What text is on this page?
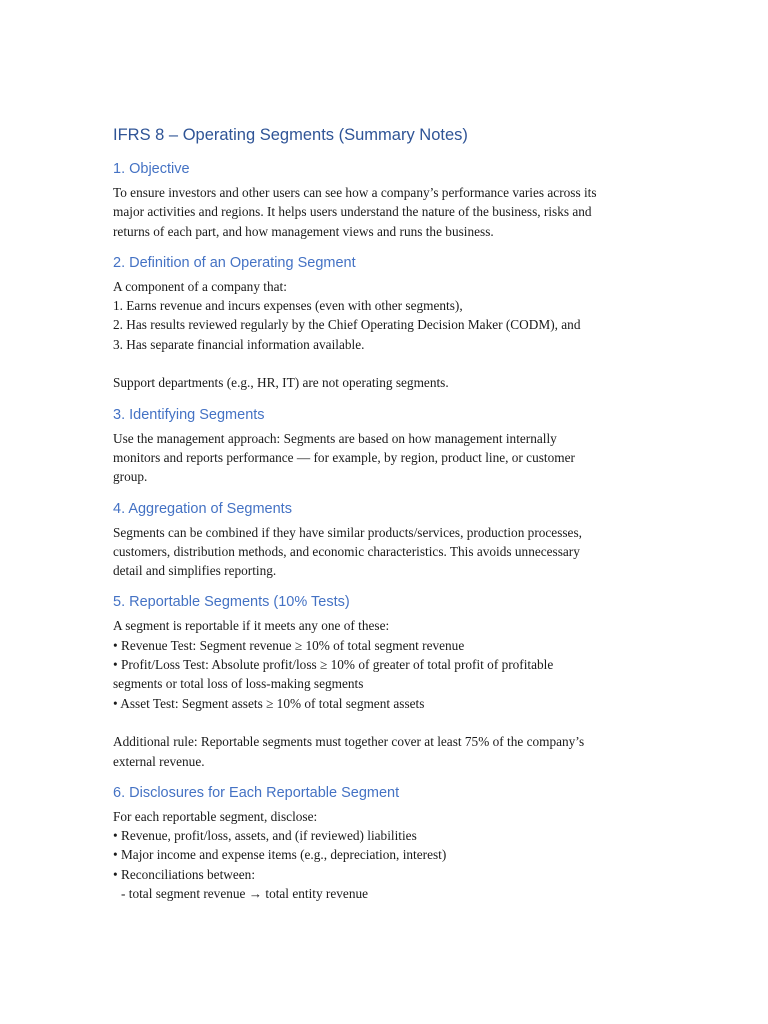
IFRS 8 – Operating Segments (Summary Notes)
1. Objective

To ensure investors and other users can see how a company’s performance varies across its
major activities and regions. It helps users understand the nature of the business, risks and
returns of each part, and how management views and runs the business.

2. Definition of an Operating Segment

A component of a company that:
1. Earns revenue and incurs expenses (even with other segments),
2. Has results reviewed regularly by the Chief Operating Decision Maker (CODM), and
3. Has separate financial information available.
Support departments (e.g., HR, IT) are not operating segments.

3. Identifying Segments

Use the management approach: Segments are based on how management internally
monitors and reports performance — for example, by region, product line, or customer
group.

4. Aggregation of Segments

Segments can be combined if they have similar products/services, production processes,
customers, distribution methods, and economic characteristics. This avoids unnecessary
detail and simplifies reporting.

5. Reportable Segments (10% Tests)

A segment is reportable if it meets any one of these:
• Revenue Test: Segment revenue ≥ 10% of total segment revenue
• Profit/Loss Test: Absolute profit/loss ≥ 10% of greater of total profit of profitable
segments or total loss of loss-making segments
• Asset Test: Segment assets ≥ 10% of total segment assets
Additional rule: Reportable segments must together cover at least 75% of the company’s
external revenue.

6. Disclosures for Each Reportable Segment

For each reportable segment, disclose:
• Revenue, profit/loss, assets, and (if reviewed) liabilities
• Major income and expense items (e.g., depreciation, interest)
• Reconciliations between:
- total segment revenue → total entity revenue
